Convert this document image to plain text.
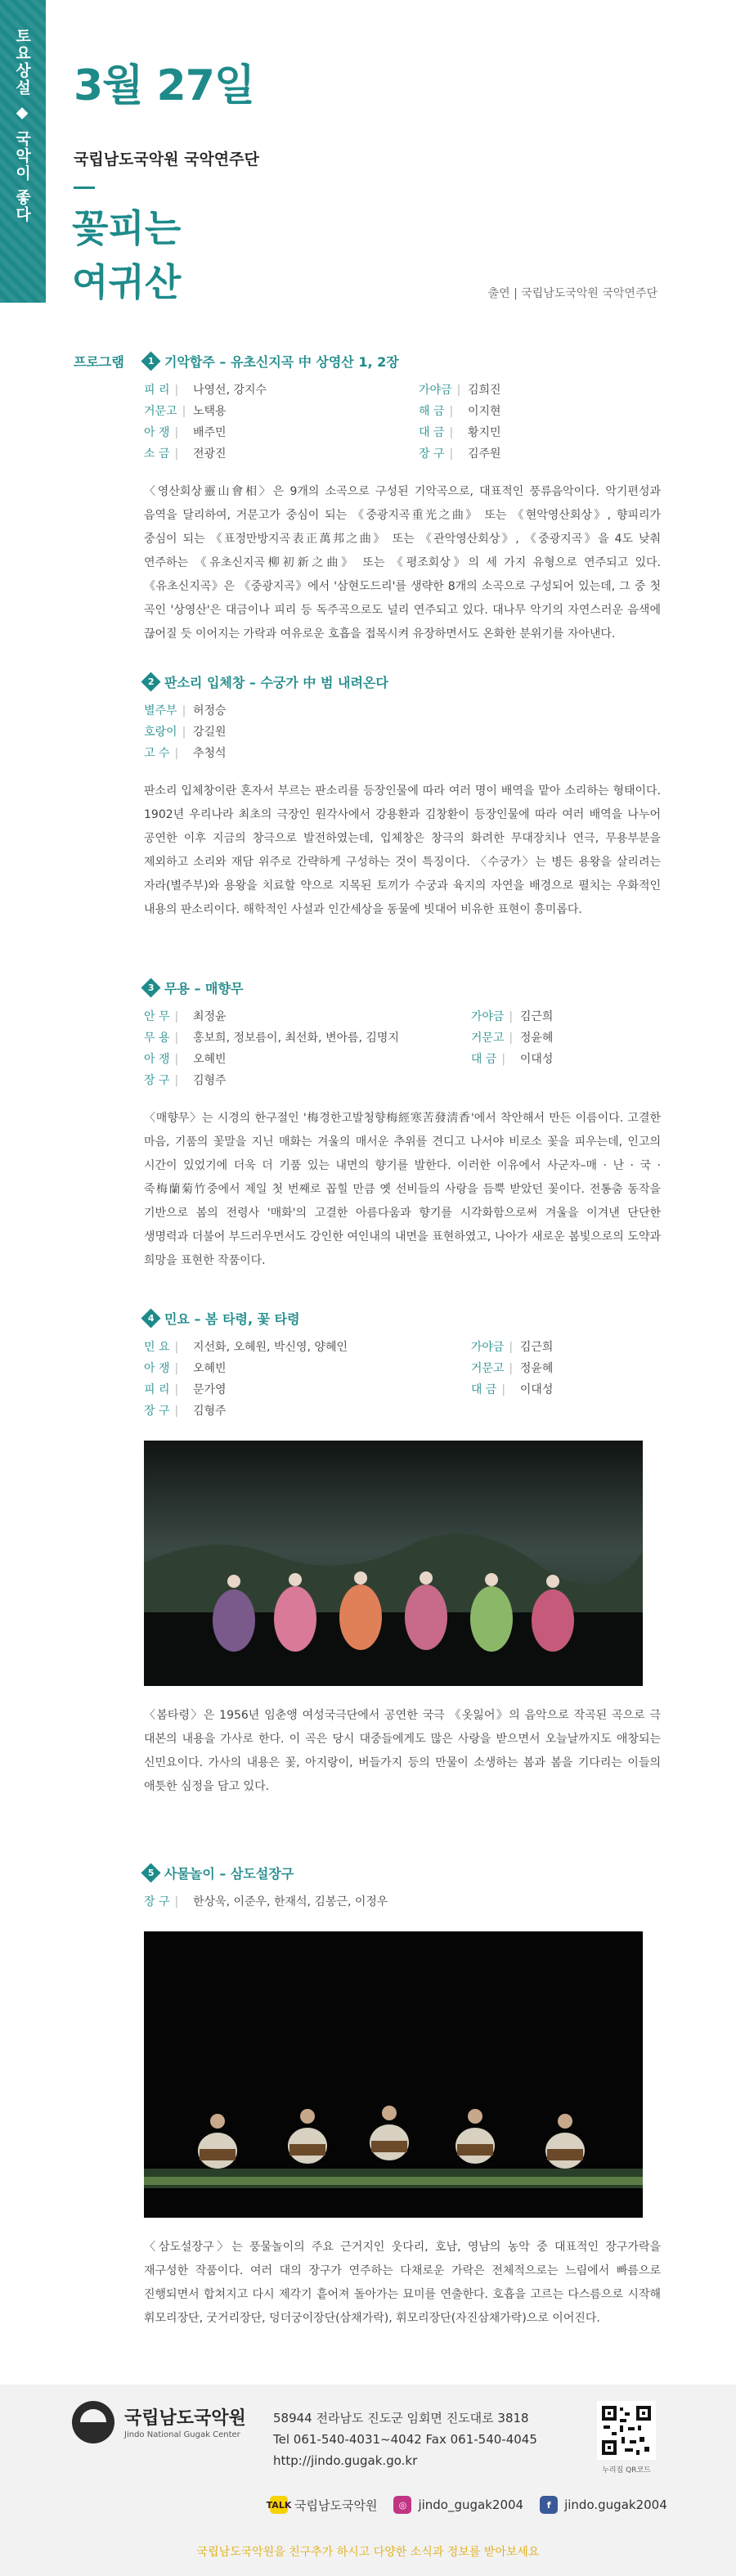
토요상설 ◆ 국악이 좋다 3월 27일
국립남도국악원 국악연주단
꽃피는
여귀산	출연 | 국립남도국악원 국악연주단
프로그램	1 기악합주 – 유초신지곡 中 상영산 1, 2장
피 리 |	나영선, 강지수	가야금 |	김희진
거문고 |	노택용	해 금 |	이지현
아 쟁 |	배주민	대 금 |	황지민
소 금 |	전광진	장 구 |	김주원

〈영산회상靈山會相〉은 9개의 소곡으로 구성된 기악곡으로, 대표적인 풍류음악이다. 악기편성과 음역을 달리하여, 거문고가 중심이 되는 《중광지곡重光之曲》 또는 《현악영산회상》, 향피리가 중심이 되는 《표정만방지곡表正萬邦之曲》 또는 《관악영산회상》, 《중광지곡》을 4도 낮춰 연주하는 《유초신지곡柳初新之曲》 또는 《평조회상》의 세 가지 유형으로 연주되고 있다. 《유초신지곡》은 《중광지곡》에서 '삼현도드리'를 생략한 8개의 소곡으로 구성되어 있는데, 그 중 첫 곡인 '상영산'은 대금이나 피리 등 독주곡으로도 널리 연주되고 있다. 대나무 악기의 자연스러운 음색에 끊어질 듯 이어지는 가락과 여유로운 호흡을 접목시켜 유장하면서도 온화한 분위기를 자아낸다.

2 판소리 입체창 – 수궁가 中 범 내려온다
별주부 |	허정승
호랑이 |	강길원
고 수 |	추청석

판소리 입체창이란 혼자서 부르는 판소리를 등장인물에 따라 여러 명이 배역을 맡아 소리하는 형태이다. 1902년 우리나라 최초의 극장인 원각사에서 강용환과 김창환이 등장인물에 따라 여러 배역을 나누어 공연한 이후 지금의 창극으로 발전하였는데, 입체창은 창극의 화려한 무대장치나 연극, 무용부분을 제외하고 소리와 재담 위주로 간략하게 구성하는 것이 특징이다. 〈수궁가〉는 병든 용왕을 살리려는 자라(별주부)와 용왕을 치료할 약으로 지목된 토끼가 수궁과 육지의 자연을 배경으로 펼치는 우화적인 내용의 판소리이다. 해학적인 사설과 인간세상을 동물에 빗대어 비유한 표현이 흥미롭다.

3 무용 – 매향무
안 무 |	최정윤	가야금 |	김근희
무 용 |	홍보희, 정보름이, 최선화, 변아름, 김명지	거문고 |	정윤혜
아 쟁 |	오혜빈	대 금 |	이대성
장 구 |	김형주

〈매향무〉는 시경의 한구절인 '梅경한고발청향梅經寒苦發淸香'에서 착안해서 만든 이름이다. 고결한 마음, 기품의 꽃말을 지닌 매화는 겨울의 매서운 추위를 견디고 나서야 비로소 꽃을 피우는데, 인고의 시간이 있었기에 더욱 더 기품 있는 내면의 향기를 발한다. 이러한 이유에서 사군자–매 · 난 · 국 · 죽梅蘭菊竹중에서 제일 첫 번째로 꼽힐 만큼 옛 선비들의 사랑을 듬뿍 받았던 꽃이다. 전통춤 동작을 기반으로 봄의 전령사 '매화'의 고결한 아름다움과 향기를 시각화함으로써 겨울을 이겨낸 단단한 생명력과 더불어 부드러우면서도 강인한 여인내의 내면을 표현하였고, 나아가 새로운 봄빛으로의 도약과 희망을 표현한 작품이다.

4 민요 – 봄 타령, 꽃 타령
민 요 |	지선화, 오혜원, 박신영, 양혜인	가야금 |	김근희
아 쟁 |	오혜빈	거문고 |	정윤혜
피 리 |	문가영	대 금 |	이대성
장 구 |	김형주

〈봄타령〉은 1956년 임춘앵 여성국극단에서 공연한 국극 《옷잃어》의 음악으로 작곡된 곡으로 극 대본의 내용을 가사로 한다. 이 곡은 당시 대중들에게도 많은 사랑을 받으면서 오늘날까지도 애창되는 신민요이다. 가사의 내용은 꽃, 아지랑이, 버들가지 등의 만물이 소생하는 봄과 봄을 기다리는 이들의 애틋한 심정을 담고 있다.

5 사물놀이 – 삼도설장구
장 구 |	한상욱, 이준우, 한재석, 김봉근, 이정우

〈삼도설장구〉는 풍물놀이의 주요 근거지인 웃다리, 호남, 영남의 농악 중 대표적인 장구가락을 재구성한 작품이다. 여러 대의 장구가 연주하는 다채로운 가락은 전체적으로는 느림에서 빠름으로 진행되면서 합쳐지고 다시 제각기 흩어져 돌아가는 묘미를 연출한다. 호흡을 고르는 다스름으로 시작해 휘모리장단, 굿거리장단, 덩더궁이장단(삼채가락), 휘모리장단(자진삼채가락)으로 이어진다.

국립남도국악원
Jindo National Gugak Center
58944 전라남도 진도군 임회면 진도대로 3818
Tel 061-540-4031~4042 Fax 061-540-4045
http://jindo.gugak.go.kr
누리집 QR코드
TALK 국립남도국악원	◎ jindo_gugak2004	f	jindo.gugak2004
국립남도국악원을 친구추가 하시고 다양한 소식과 정보를 받아보세요
